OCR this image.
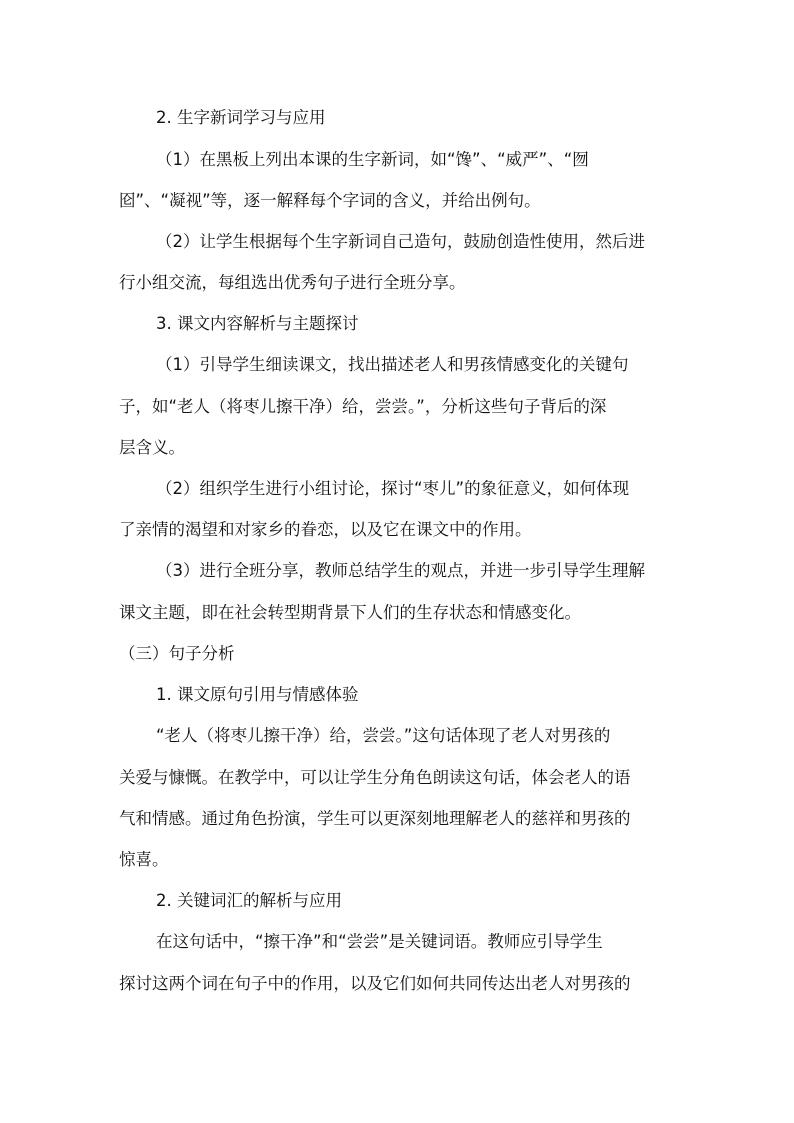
2. 生字新词学习与应用

（1）在黑板上列出本课的生字新词，如“馋”、“威严”、“囫

囵”、“凝视”等，逐一解释每个字词的含义，并给出例句。

（2）让学生根据每个生字新词自己造句，鼓励创造性使用，然后进

行小组交流，每组选出优秀句子进行全班分享。

3. 课文内容解析与主题探讨

（1）引导学生细读课文，找出描述老人和男孩情感变化的关键句

子，如“老人（将枣儿擦干净）给，尝尝。”，分析这些句子背后的深

层含义。

（2）组织学生进行小组讨论，探讨“枣儿”的象征意义，如何体现

了亲情的渴望和对家乡的眷恋，以及它在课文中的作用。

（3）进行全班分享，教师总结学生的观点，并进一步引导学生理解

课文主题，即在社会转型期背景下人们的生存状态和情感变化。

（三）句子分析

1. 课文原句引用与情感体验

“老人（将枣儿擦干净）给，尝尝。”这句话体现了老人对男孩的

关爱与慷慨。在教学中，可以让学生分角色朗读这句话，体会老人的语

气和情感。通过角色扮演，学生可以更深刻地理解老人的慈祥和男孩的

惊喜。

2. 关键词汇的解析与应用

在这句话中，“擦干净”和“尝尝”是关键词语。教师应引导学生

探讨这两个词在句子中的作用，以及它们如何共同传达出老人对男孩的
